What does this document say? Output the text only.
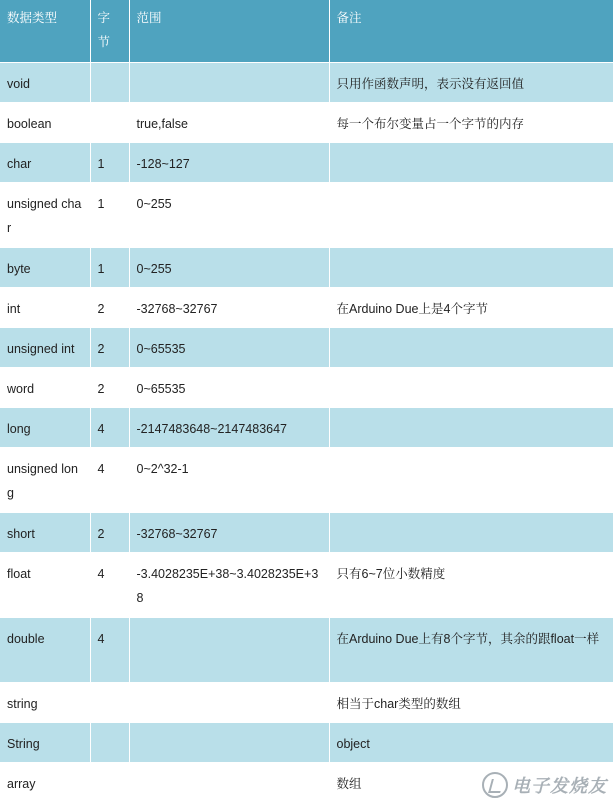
数据类型	字节	范围	备注
void			只用作函数声明，表示没有返回值
boolean		true,false	每一个布尔变量占一个字节的内存
char	1	-128~127	
unsigned char	1	0~255	
byte	1	0~255	
int	2	-32768~32767	在Arduino Due上是4个字节
unsigned int	2	0~65535	
word	2	0~65535	
long	4	-2147483648~2147483647	
unsigned long	4	0~2^32-1	
short	2	-32768~32767	
float	4	-3.4028235E+38~3.4028235E+38	只有6~7位小数精度
double	4		在Arduino Due上有8个字节，其余的跟float一样
string			相当于char类型的数组
String			object
array			数组	电子发烧友
